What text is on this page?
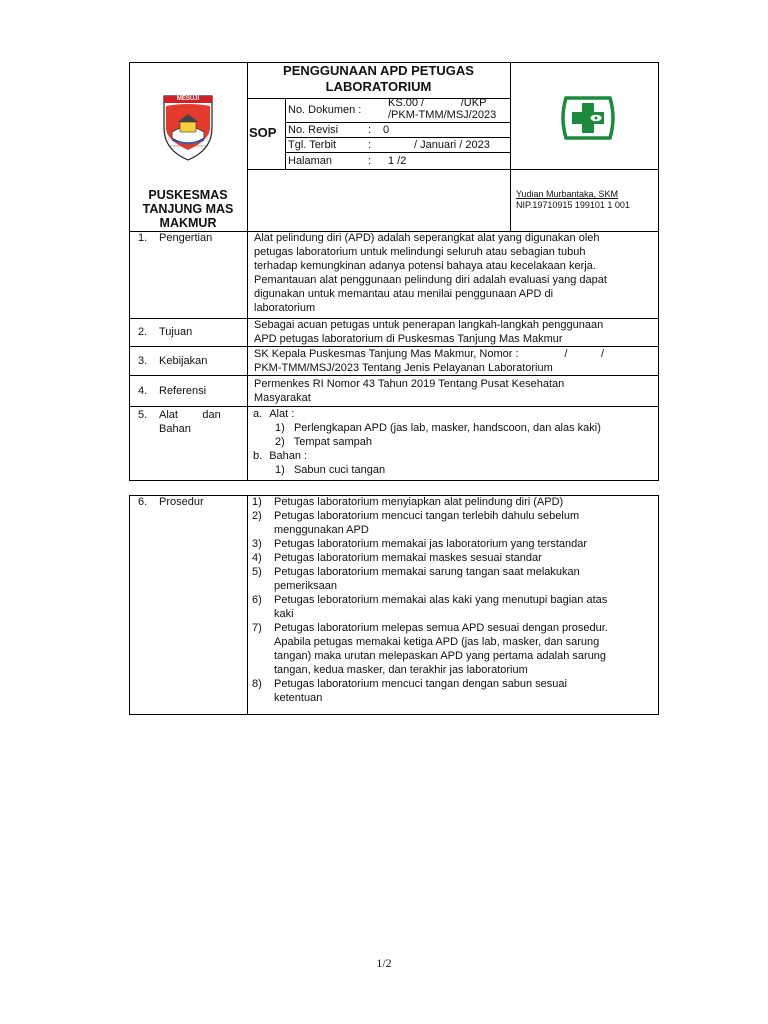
PENGGUNAAN APD PETUGAS
LABORATORIUM
MESUJI
PUSKESMAS
TANJUNG MAS
MAKMUR
SOP
No. Dokumen :
KS.00 /            /UKP
/PKM-TMM/MSJ/2023
No. Revisi	: 0
Tgl. Terbit	:	/ Januari / 2023
Halaman	: 1 /2
Yudian Murbantaka, SKM
NIP.19710915 199101 1 001
1. Pengertian	Alat pelindung diri (APD) adalah seperangkat alat yang digunakan oleh
petugas laboratorium untuk melindungi seluruh atau sebagian tubuh
terhadap kemungkinan adanya potensi bahaya atau kecelakaan kerja.
Pemantauan alat penggunaan pelindung diri adalah evaluasi yang dapat
digunakan untuk memantau atau menilai penggunaan APD di
laboratorium
2. Tujuan
Sebagai acuan petugas untuk penerapan langkah-langkah penggunaan
APD petugas laboratorium di Puskesmas Tanjung Mas Makmur
3. Kebijakan
SK Kepala Puskesmas Tanjung Mas Makmur, Nomor :               /           /
PKM-TMM/MSJ/2023 Tentang Jenis Pelayanan Laboratorium
4. Referensi
Permenkes RI Nomor 43 Tahun 2019 Tentang Pusat Kesehatan
Masyarakat
5. Alat        dan
Bahan
a. Alat :
1)   Perlengkapan APD (jas lab, masker, handscoon, dan alas kaki)
2)   Tempat sampah
b. Bahan :
1)   Sabun cuci tangan
6. Prosedur	1)	Petugas laboratorium menyiapkan alat pelindung diri (APD)
2)	Petugas laboratorium mencuci tangan terlebih dahulu sebelum
menggunakan APD
3)	Petugas laboratorium memakai jas laboratorium yang terstandar
4)	Petugas laboratorium memakai maskes sesuai standar
5)	Petugas laboratorium memakai sarung tangan saat melakukan
pemeriksaan
6)	Petugas leboratorium memakai alas kaki yang menutupi bagian atas
kaki
7)	Petugas laboratorium melepas semua APD sesuai dengan prosedur.
Apabila petugas memakai ketiga APD (jas lab, masker, dan sarung
tangan) maka urutan melepaskan APD yang pertama adalah sarung
tangan, kedua masker, dan terakhir jas laboratorium
8)	Petugas laboratorium mencuci tangan dengan sabun sesuai
ketentuan
1/2
